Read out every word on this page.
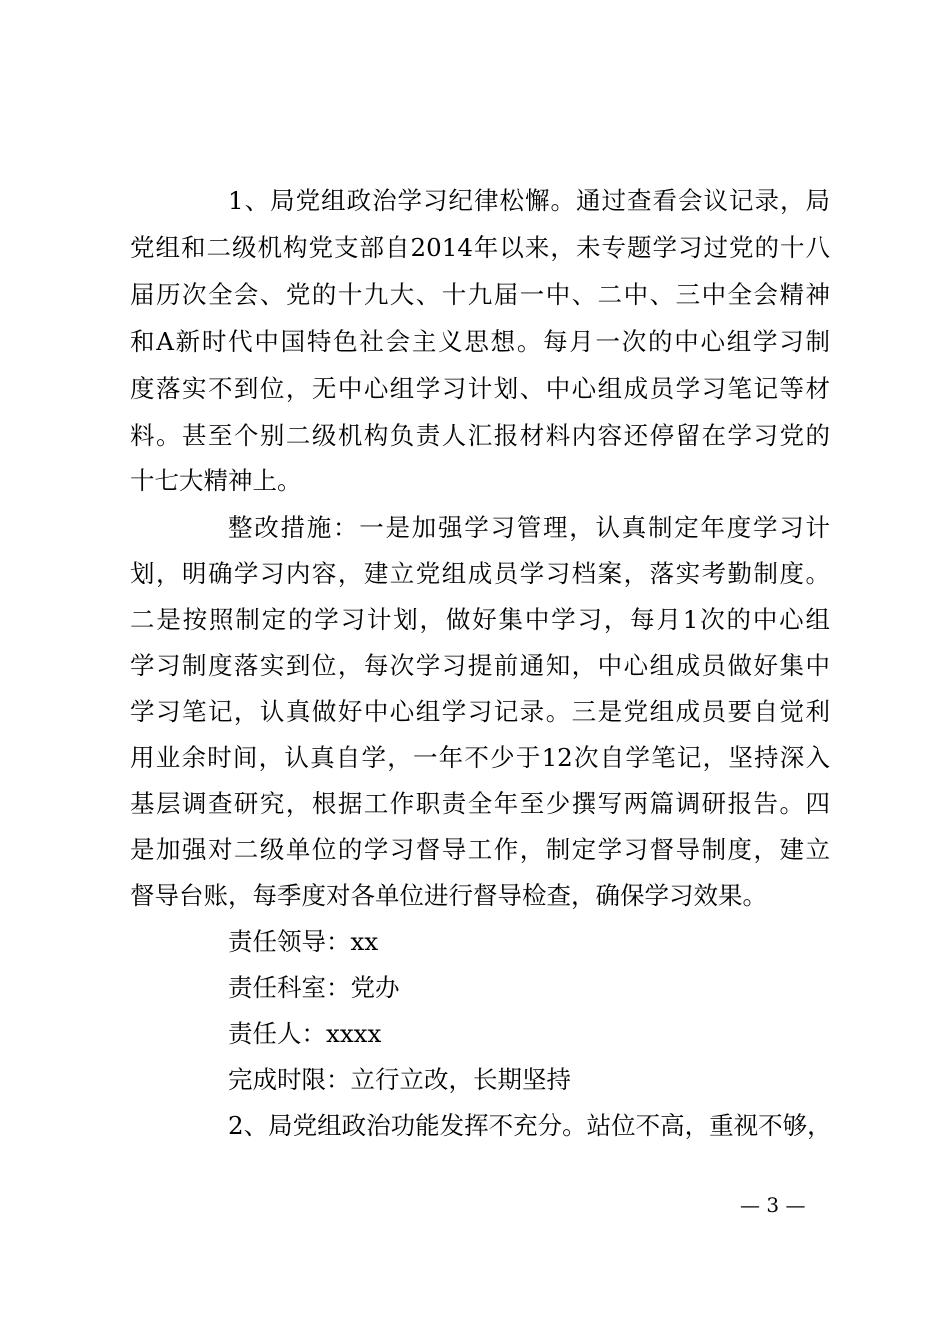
1、局党组政治学习纪律松懈。通过查看会议记录，局
党组和二级机构党支部自2014年以来，未专题学习过党的十八
届历次全会、党的十九大、十九届一中、二中、三中全会精神
和A新时代中国特色社会主义思想。每月一次的中心组学习制
度落实不到位，无中心组学习计划、中心组成员学习笔记等材
料。甚至个别二级机构负责人汇报材料内容还停留在学习党的
十七大精神上。
整改措施：一是加强学习管理，认真制定年度学习计
划，明确学习内容，建立党组成员学习档案，落实考勤制度。
二是按照制定的学习计划，做好集中学习，每月1次的中心组
学习制度落实到位，每次学习提前通知，中心组成员做好集中
学习笔记，认真做好中心组学习记录。三是党组成员要自觉利
用业余时间，认真自学，一年不少于12次自学笔记，坚持深入
基层调查研究，根据工作职责全年至少撰写两篇调研报告。四
是加强对二级单位的学习督导工作，制定学习督导制度，建立
督导台账，每季度对各单位进行督导检查，确保学习效果。
责任领导：xx
责任科室：党办
责任人：xxxx
完成时限：立行立改，长期坚持
2、局党组政治功能发挥不充分。站位不高，重视不够，
— 3 —
